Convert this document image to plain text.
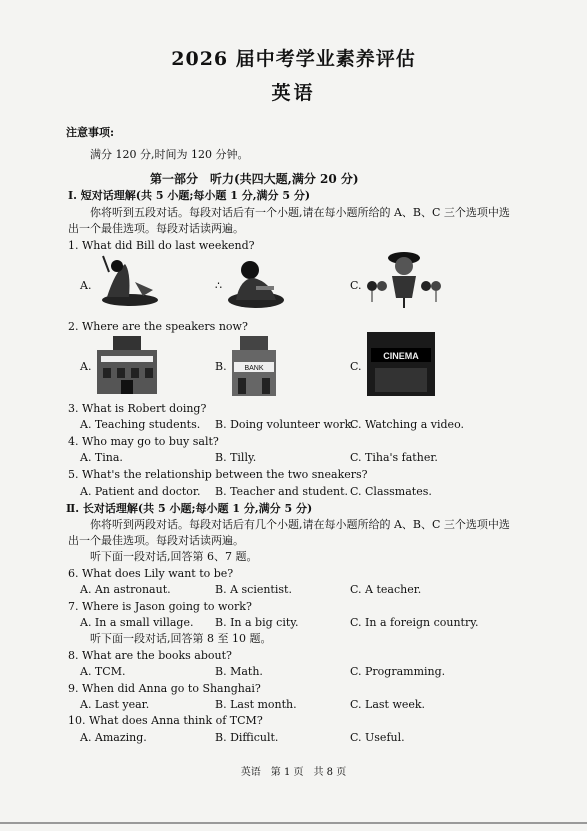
2026 届中考学业素养评估
英语
注意事项:
满分 120 分,时间为 120 分钟。
第一部分　听力(共四大题,满分 20 分)
Ⅰ. 短对话理解(共 5 小题;每小题 1 分,满分 5 分)
你将听到五段对话。每段对话后有一个小题,请在每小题所给的 A、B、C 三个选项中选
出一个最佳选项。每段对话读两遍。
1. What did Bill do last weekend?
A.	∴	C.
2. Where are the speakers now?
A.	B.	BANK	C.
CINEMA
3. What is Robert doing?
A. Teaching students. B. Doing volunteer work.
C. Watching a video.
4. Who may go to buy salt?
A. Tina.	B. Tilly.	C. Tiha's father.
5. What's the relationship between the two sneakers?
A. Patient and doctor. B. Teacher and student. C. Classmates.
Ⅱ. 长对话理解(共 5 小题;每小题 1 分,满分 5 分)
你将听到两段对话。每段对话后有几个小题,请在每小题所给的 A、B、C 三个选项中选
出一个最佳选项。每段对话读两遍。
听下面一段对话,回答第 6、7 题。
6. What does Lily want to be?
A. An astronaut.	B. A scientist.	C. A teacher.
7. Where is Jason going to work?
A. In a small village. B. In a big city.	C. In a foreign country.
听下面一段对话,回答第 8 至 10 题。
8. What are the books about?
A. TCM.	B. Math.	C. Programming.
9. When did Anna go to Shanghai?
A. Last year.	B. Last month.	C. Last week.
10. What does Anna think of TCM?
A. Amazing.	B. Difficult.	C. Useful.
英语　第 1 页　共 8 页
